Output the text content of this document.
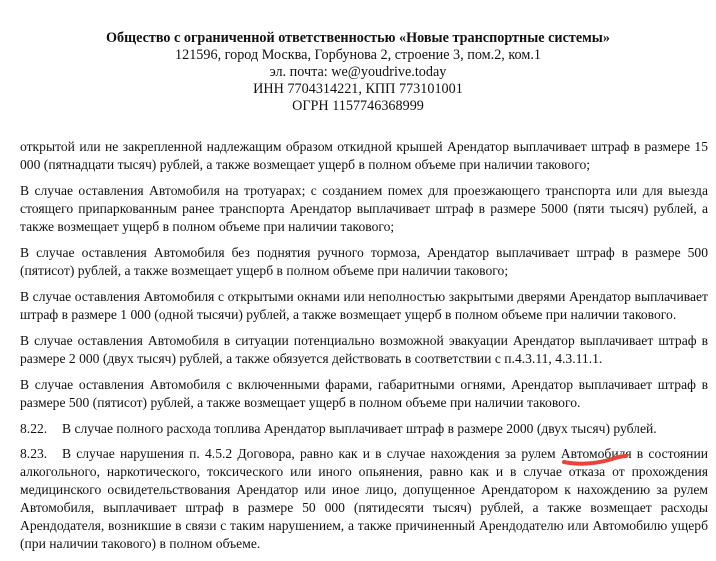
Общество с ограниченной ответственностью «Новые транспортные системы»
121596, город Москва, Горбунова 2, строение 3, пом.2, ком.1
эл. почта: we@youdrive.today
ИНН 7704314221, КПП 773101001
ОГРН 1157746368999

открытой или не закрепленной надлежащим образом откидной крышей Арендатор выплачивает штраф в размере 15 000 (пятнадцати тысяч) рублей, а также возмещает ущерб в полном объеме при наличии такового;

В случае оставления Автомобиля на тротуарах; с созданием помех для проезжающего транспорта или для выезда стоящего припаркованным ранее транспорта Арендатор выплачивает штраф в размере 5000 (пяти тысяч) рублей, а также возмещает ущерб в полном объеме при наличии такового;

В случае оставления Автомобиля без поднятия ручного тормоза, Арендатор выплачивает штраф в размере 500 (пятисот) рублей, а также возмещает ущерб в полном объеме при наличии такового;

В случае оставления Автомобиля с открытыми окнами или неполностью закрытыми дверями Арендатор выплачивает штраф в размере 1 000 (одной тысячи) рублей, а также возмещает ущерб в полном объеме при наличии такового.

В случае оставления Автомобиля в ситуации потенциально возможной эвакуации Арендатор выплачивает штраф в размере 2 000 (двух тысяч) рублей, а также обязуется действовать в соответствии с п.4.3.11, 4.3.11.1.

В случае оставления Автомобиля с включенными фарами, габаритными огнями, Арендатор выплачивает штраф в размере 500 (пятисот) рублей, а также возмещает ущерб в полном объеме при наличии такового.

8.22. В случае полного расхода топлива Арендатор выплачивает штраф в размере 2000 (двух тысяч) рублей.

8.23. В случае нарушения п. 4.5.2 Договора, равно как и в случае нахождения за рулем Автомобиля в состоянии алкогольного, наркотического, токсического или иного опьянения, равно как и в случае отказа от прохождения медицинского освидетельствования Арендатор или иное лицо, допущенное Арендатором к нахождению за рулем Автомобиля, выплачивает штраф в размере 50 000 (пятидесяти тысяч) рублей, а также возмещает расходы Арендодателя, возникшие в связи с таким нарушением, а также причиненный Арендодателю или Автомобилю ущерб (при наличии такового) в полном объеме.
